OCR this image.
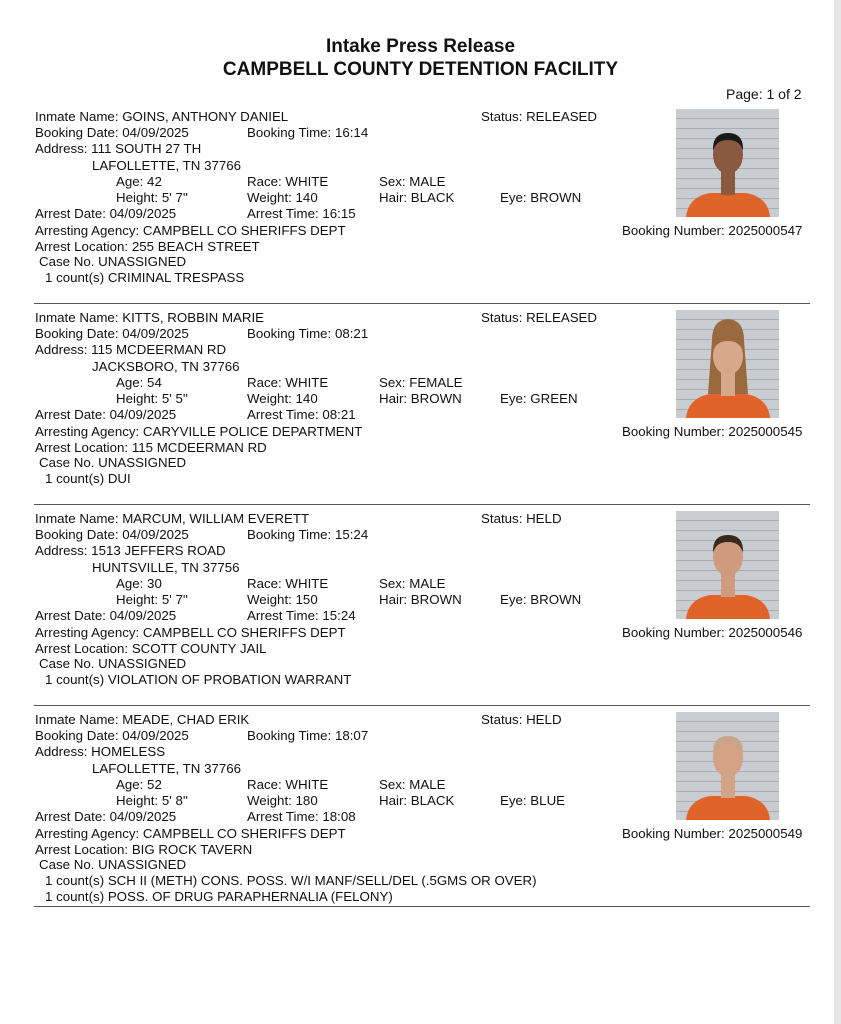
Intake Press Release
CAMPBELL COUNTY DETENTION FACILITY
Page: 1 of 2
Inmate Name: GOINS, ANTHONY DANIEL	Status: RELEASED
Booking Date: 04/09/2025	Booking Time: 16:14
Address: 111 SOUTH 27 TH
LAFOLLETTE, TN 37766
Age: 42	Race: WHITE	Sex: MALE
Height: 5' 7''	Weight: 140	Hair: BLACK	Eye: BROWN
Arrest Date: 04/09/2025	Arrest Time: 16:15
Arresting Agency: CAMPBELL CO SHERIFFS DEPT	Booking Number: 2025000547
Arrest Location: 255 BEACH STREET
Case No. UNASSIGNED
1 count(s) CRIMINAL TRESPASS
Inmate Name: KITTS, ROBBIN MARIE	Status: RELEASED
Booking Date: 04/09/2025	Booking Time: 08:21
Address: 115 MCDEERMAN RD
JACKSBORO, TN 37766
Age: 54	Race: WHITE	Sex: FEMALE
Height: 5' 5''	Weight: 140	Hair: BROWN	Eye: GREEN
Arrest Date: 04/09/2025	Arrest Time: 08:21
Arresting Agency: CARYVILLE POLICE DEPARTMENT	Booking Number: 2025000545
Arrest Location: 115 MCDEERMAN RD
Case No. UNASSIGNED
1 count(s) DUI
Inmate Name: MARCUM, WILLIAM EVERETT	Status: HELD
Booking Date: 04/09/2025	Booking Time: 15:24
Address: 1513 JEFFERS ROAD
HUNTSVILLE, TN 37756
Age: 30	Race: WHITE	Sex: MALE
Height: 5' 7''	Weight: 150	Hair: BROWN	Eye: BROWN
Arrest Date: 04/09/2025	Arrest Time: 15:24
Arresting Agency: CAMPBELL CO SHERIFFS DEPT	Booking Number: 2025000546
Arrest Location: SCOTT COUNTY JAIL
Case No. UNASSIGNED
1 count(s) VIOLATION OF PROBATION WARRANT
Inmate Name: MEADE, CHAD ERIK	Status: HELD
Booking Date: 04/09/2025	Booking Time: 18:07
Address: HOMELESS
LAFOLLETTE, TN 37766
Age: 52	Race: WHITE	Sex: MALE
Height: 5' 8''	Weight: 180	Hair: BLACK	Eye: BLUE
Arrest Date: 04/09/2025	Arrest Time: 18:08
Arresting Agency: CAMPBELL CO SHERIFFS DEPT	Booking Number: 2025000549
Arrest Location: BIG ROCK TAVERN
Case No. UNASSIGNED
1 count(s) SCH II (METH) CONS. POSS. W/I MANF/SELL/DEL (.5GMS OR OVER)
1 count(s) POSS. OF DRUG PARAPHERNALIA (FELONY)
